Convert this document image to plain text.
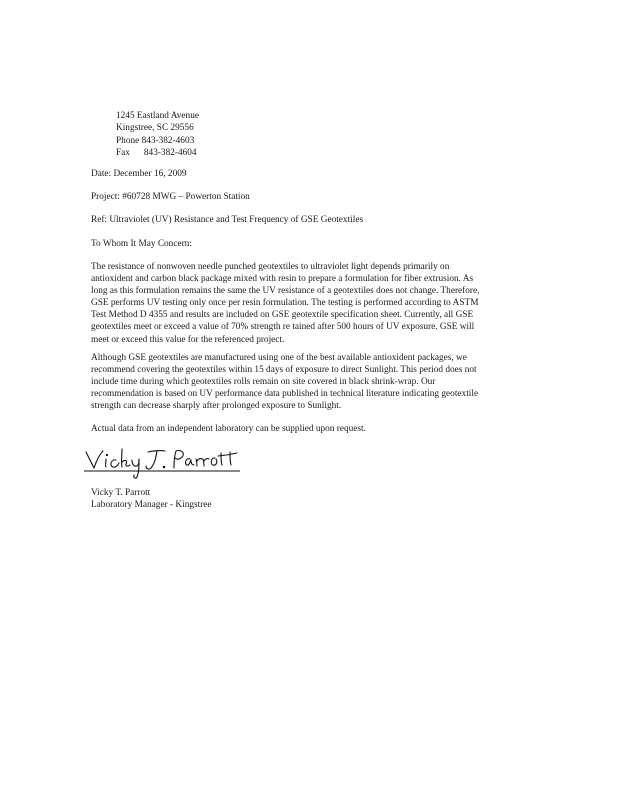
1245 Eastland Avenue
Kingstree, SC 29556
Phone 843-382-4603
Fax      843-382-4604
Date: December 16, 2009
Project: #60728 MWG – Powerton Station
Ref: Ultraviolet (UV) Resistance and Test Frequency of GSE Geotextiles
To Whom It May Concern:
The resistance of nonwoven needle punched geotextiles to ultraviolet light depends primarily on
antioxident and carbon black package mixed with resin to prepare a formulation for fiber extrusion. As
long as this formulation remains the same the UV resistance of a geotextiles does not change. Therefore,
GSE performs UV testing only once per resin formulation. The testing is performed according to ASTM
Test Method D 4355 and results are included on GSE geotextile specification sheet. Currently, all GSE
geotextiles meet or exceed a value of 70% strength re tained after 500 hours of UV exposure. GSE will
meet or exceed this value for the referenced project.
Although GSE geotextiles are manufactured using one of the best available antioxident packages, we
recommend covering the geotextiles within 15 days of exposure to direct Sunlight. This period does not
include time during which geotextiles rolls remain on site covered in black shrink-wrap. Our
recommendation is based on UV performance data published in technical literature indicating geotextile
strength can decrease sharply after prolonged exposure to Sunlight.
Actual data from an independent laboratory can be supplied upon request.
Vicky T. Parrott
Laboratory Manager - Kingstree
